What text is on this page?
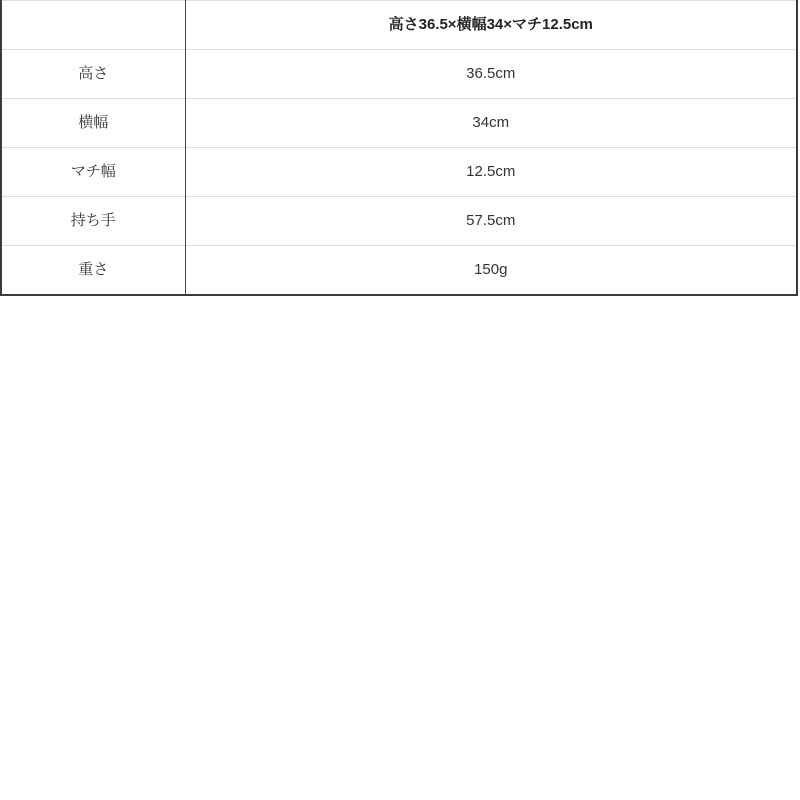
	高さ36.5×横幅34×マチ12.5cm
高さ	36.5cm
横幅	34cm
マチ幅	12.5cm
持ち手	57.5cm
重さ	150g
